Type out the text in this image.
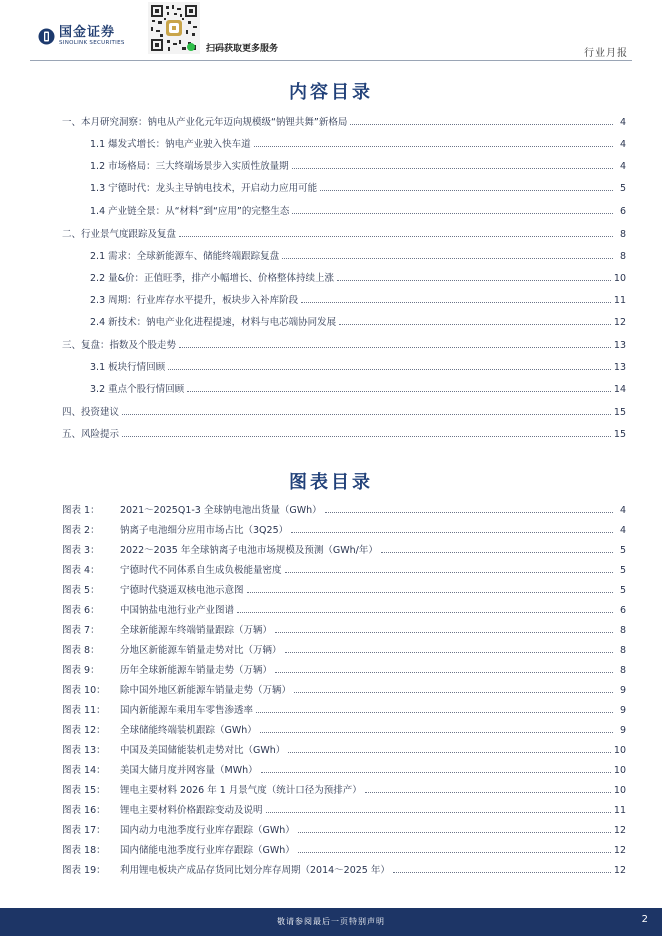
国金证券
SINOLINK SECURITIES
扫码获取更多服务	行业月报
内容目录
一、本月研究洞察：钠电从产业化元年迈向规模级“钠锂共舞”新格局	4
1.1 爆发式增长：钠电产业驶入快车道	4
1.2 市场格局：三大终端场景步入实质性放量期	4
1.3 宁德时代：龙头主导钠电技术，开启动力应用可能	5
1.4 产业链全景：从“材料”到“应用”的完整生态	6
二、行业景气度跟踪及复盘	8
2.1 需求：全球新能源车、储能终端跟踪复盘	8
2.2 量&价：正值旺季，排产小幅增长、价格整体持续上涨	10
2.3 周期：行业库存水平提升，板块步入补库阶段	11
2.4 新技术：钠电产业化进程提速，材料与电芯端协同发展	12
三、复盘：指数及个股走势	13
3.1 板块行情回顾	13
3.2 重点个股行情回顾	14
四、投资建议	15
五、风险提示	15
图表目录
图表 1：	2021～2025Q1-3 全球钠电池出货量（GWh）	4
图表 2：	钠离子电池细分应用市场占比（3Q25）	4
图表 3：	2022～2035 年全球钠离子电池市场规模及预测（GWh/年）	5
图表 4：	宁德时代不同体系自生成负极能量密度	5
图表 5：	宁德时代骁遥双核电池示意图	5
图表 6：	中国钠盐电池行业产业图谱	6
图表 7：	全球新能源车终端销量跟踪（万辆）	8
图表 8：	分地区新能源车销量走势对比（万辆）	8
图表 9：	历年全球新能源车销量走势（万辆）	8
图表 10：	除中国外地区新能源车销量走势（万辆）	9
图表 11：	国内新能源车乘用车零售渗透率	9
图表 12：	全球储能终端装机跟踪（GWh）	9
图表 13：	中国及美国储能装机走势对比（GWh）	10
图表 14：	美国大储月度并网容量（MWh）	10
图表 15：	锂电主要材料 2026 年 1 月景气度（统计口径为预排产）	10
图表 16：	锂电主要材料价格跟踪变动及说明	11
图表 17：	国内动力电池季度行业库存跟踪（GWh）	12
图表 18：	国内储能电池季度行业库存跟踪（GWh）	12
图表 19：	利用锂电板块产成品存货同比划分库存周期（2014～2025 年）	12
敬请参阅最后一页特别声明	2
